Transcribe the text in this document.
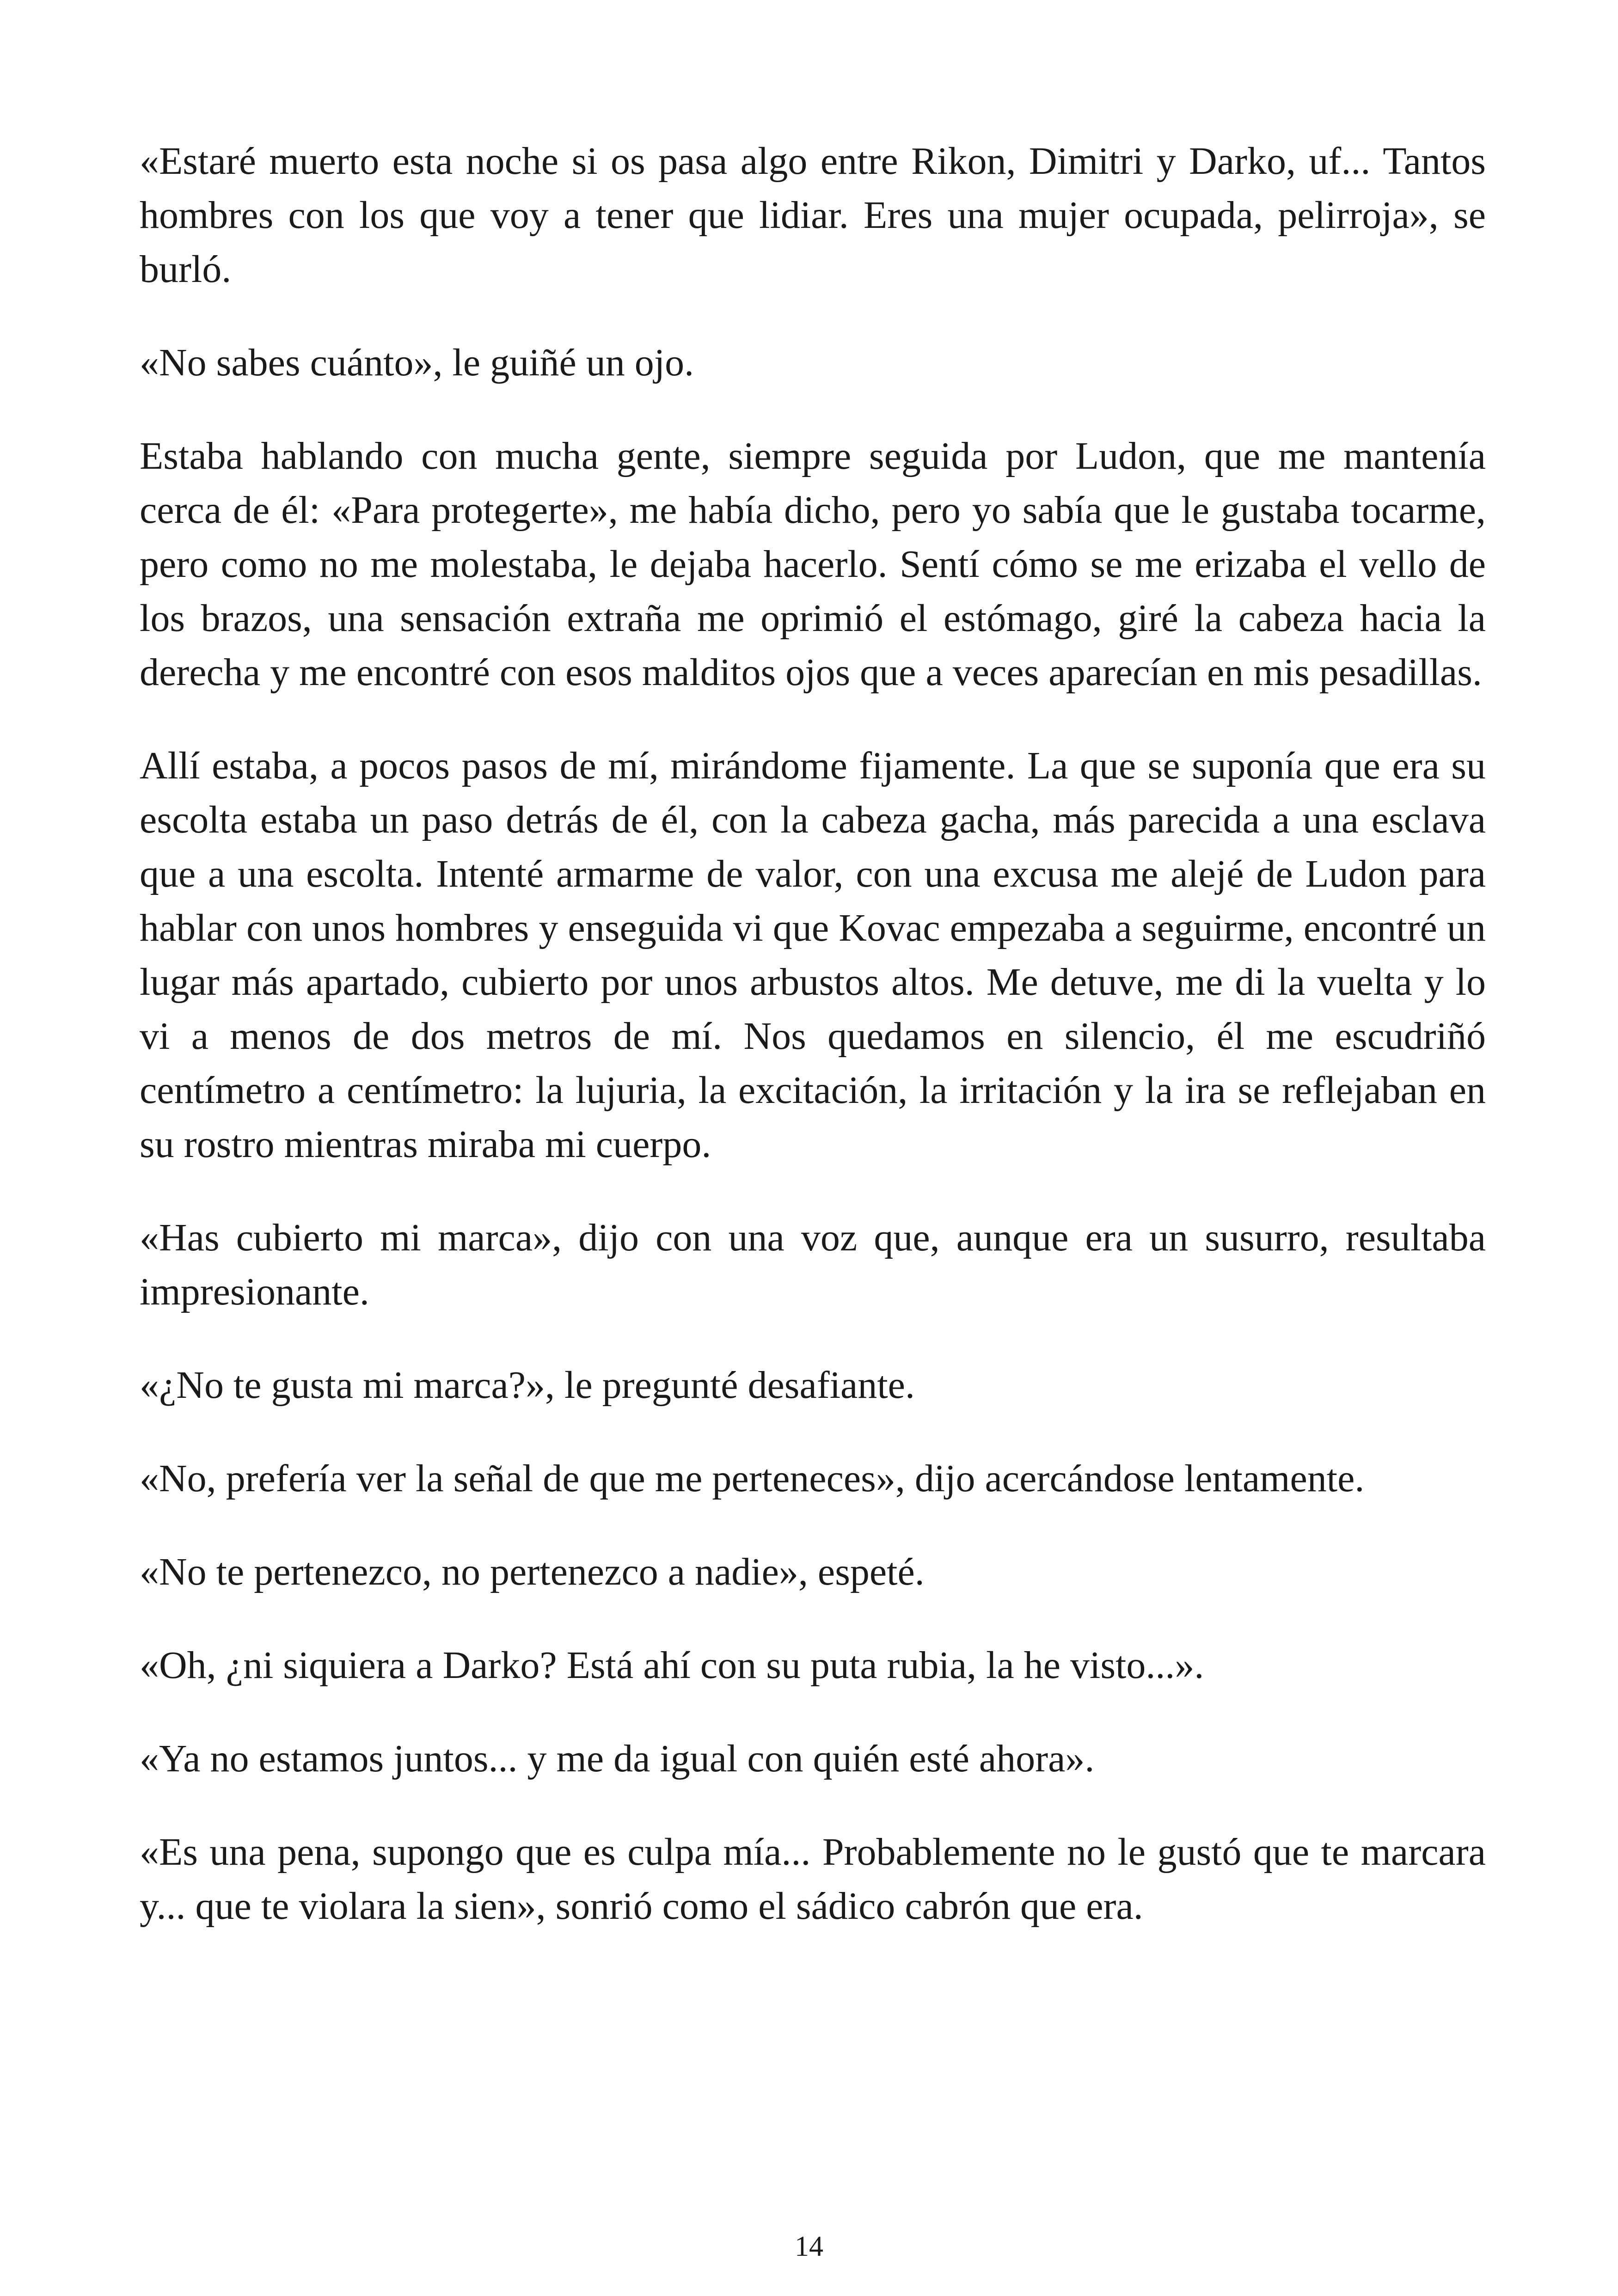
«Estaré muerto esta noche si os pasa algo entre Rikon, Dimitri y Darko, uf... Tantos hombres con los que voy a tener que lidiar. Eres una mujer ocupada, pelirroja», se burló.

«No sabes cuánto», le guiñé un ojo.

Estaba hablando con mucha gente, siempre seguida por Ludon, que me mantenía cerca de él: «Para protegerte», me había dicho, pero yo sabía que le gustaba tocarme, pero como no me molestaba, le dejaba hacerlo. Sentí cómo se me erizaba el vello de los brazos, una sensación extraña me oprimió el estómago, giré la cabeza hacia la derecha y me encontré con esos malditos ojos que a veces aparecían en mis pesadillas.

Allí estaba, a pocos pasos de mí, mirándome fijamente. La que se suponía que era su escolta estaba un paso detrás de él, con la cabeza gacha, más parecida a una esclava que a una escolta. Intenté armarme de valor, con una excusa me alejé de Ludon para hablar con unos hombres y enseguida vi que Kovac empezaba a seguirme, encontré un lugar más apartado, cubierto por unos arbustos altos. Me detuve, me di la vuelta y lo vi a menos de dos metros de mí. Nos quedamos en silencio, él me escudriñó centímetro a centímetro: la lujuria, la excitación, la irritación y la ira se reflejaban en su rostro mientras miraba mi cuerpo.

«Has cubierto mi marca», dijo con una voz que, aunque era un susurro, resultaba impresionante.

«¿No te gusta mi marca?», le pregunté desafiante.

«No, prefería ver la señal de que me perteneces», dijo acercándose lentamente.

«No te pertenezco, no pertenezco a nadie», espeté.

«Oh, ¿ni siquiera a Darko? Está ahí con su puta rubia, la he visto...».

«Ya no estamos juntos... y me da igual con quién esté ahora».

«Es una pena, supongo que es culpa mía... Probablemente no le gustó que te marcara y... que te violara la sien», sonrió como el sádico cabrón que era.

14
